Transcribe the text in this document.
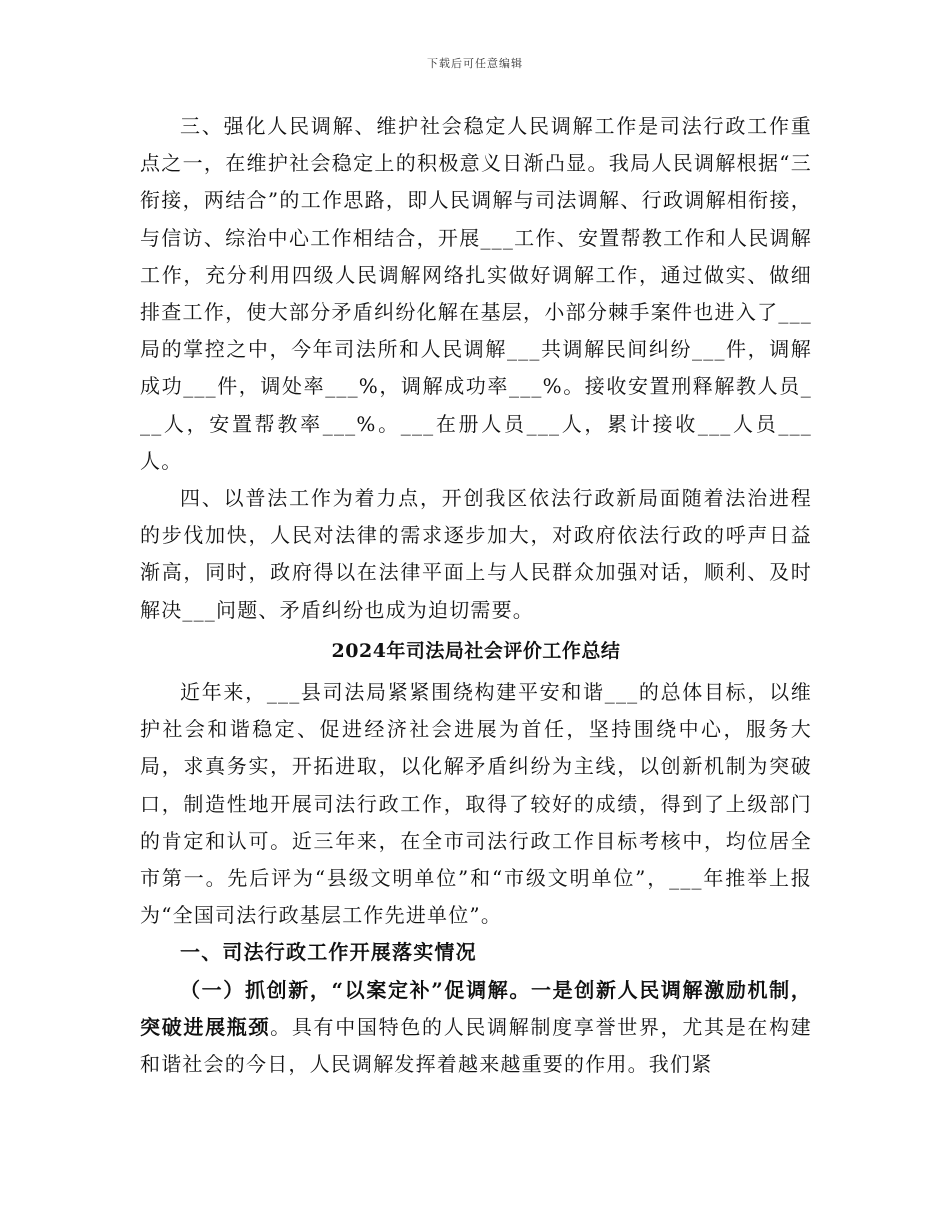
下载后可任意编辑

三、强化人民调解、维护社会稳定人民调解工作是司法行政工作重点之一，在维护社会稳定上的积极意义日渐凸显。我局人民调解根据“三衔接，两结合”的工作思路，即人民调解与司法调解、行政调解相衔接，与信访、综治中心工作相结合，开展___工作、安置帮教工作和人民调解工作，充分利用四级人民调解网络扎实做好调解工作，通过做实、做细排查工作，使大部分矛盾纠纷化解在基层，小部分棘手案件也进入了___局的掌控之中，今年司法所和人民调解___共调解民间纠纷___件，调解成功___件，调处率___%，调解成功率___%。接收安置刑释解教人员___人，安置帮教率___%。___在册人员___人，累计接收___人员___人。

四、以普法工作为着力点，开创我区依法行政新局面随着法治进程的步伐加快，人民对法律的需求逐步加大，对政府依法行政的呼声日益渐高，同时，政府得以在法律平面上与人民群众加强对话，顺利、及时解决___问题、矛盾纠纷也成为迫切需要。

2024年司法局社会评价工作总结

近年来，___县司法局紧紧围绕构建平安和谐___的总体目标，以维护社会和谐稳定、促进经济社会进展为首任，坚持围绕中心，服务大局，求真务实，开拓进取，以化解矛盾纠纷为主线，以创新机制为突破口，制造性地开展司法行政工作，取得了较好的成绩，得到了上级部门的肯定和认可。近三年来，在全市司法行政工作目标考核中，均位居全市第一。先后评为“县级文明单位”和“市级文明单位”，___年推举上报为“全国司法行政基层工作先进单位”。

一、司法行政工作开展落实情况

（一）抓创新，“以案定补”促调解。一是创新人民调解激励机制，突破进展瓶颈。具有中国特色的人民调解制度享誉世界，尤其是在构建和谐社会的今日，人民调解发挥着越来越重要的作用。我们紧
